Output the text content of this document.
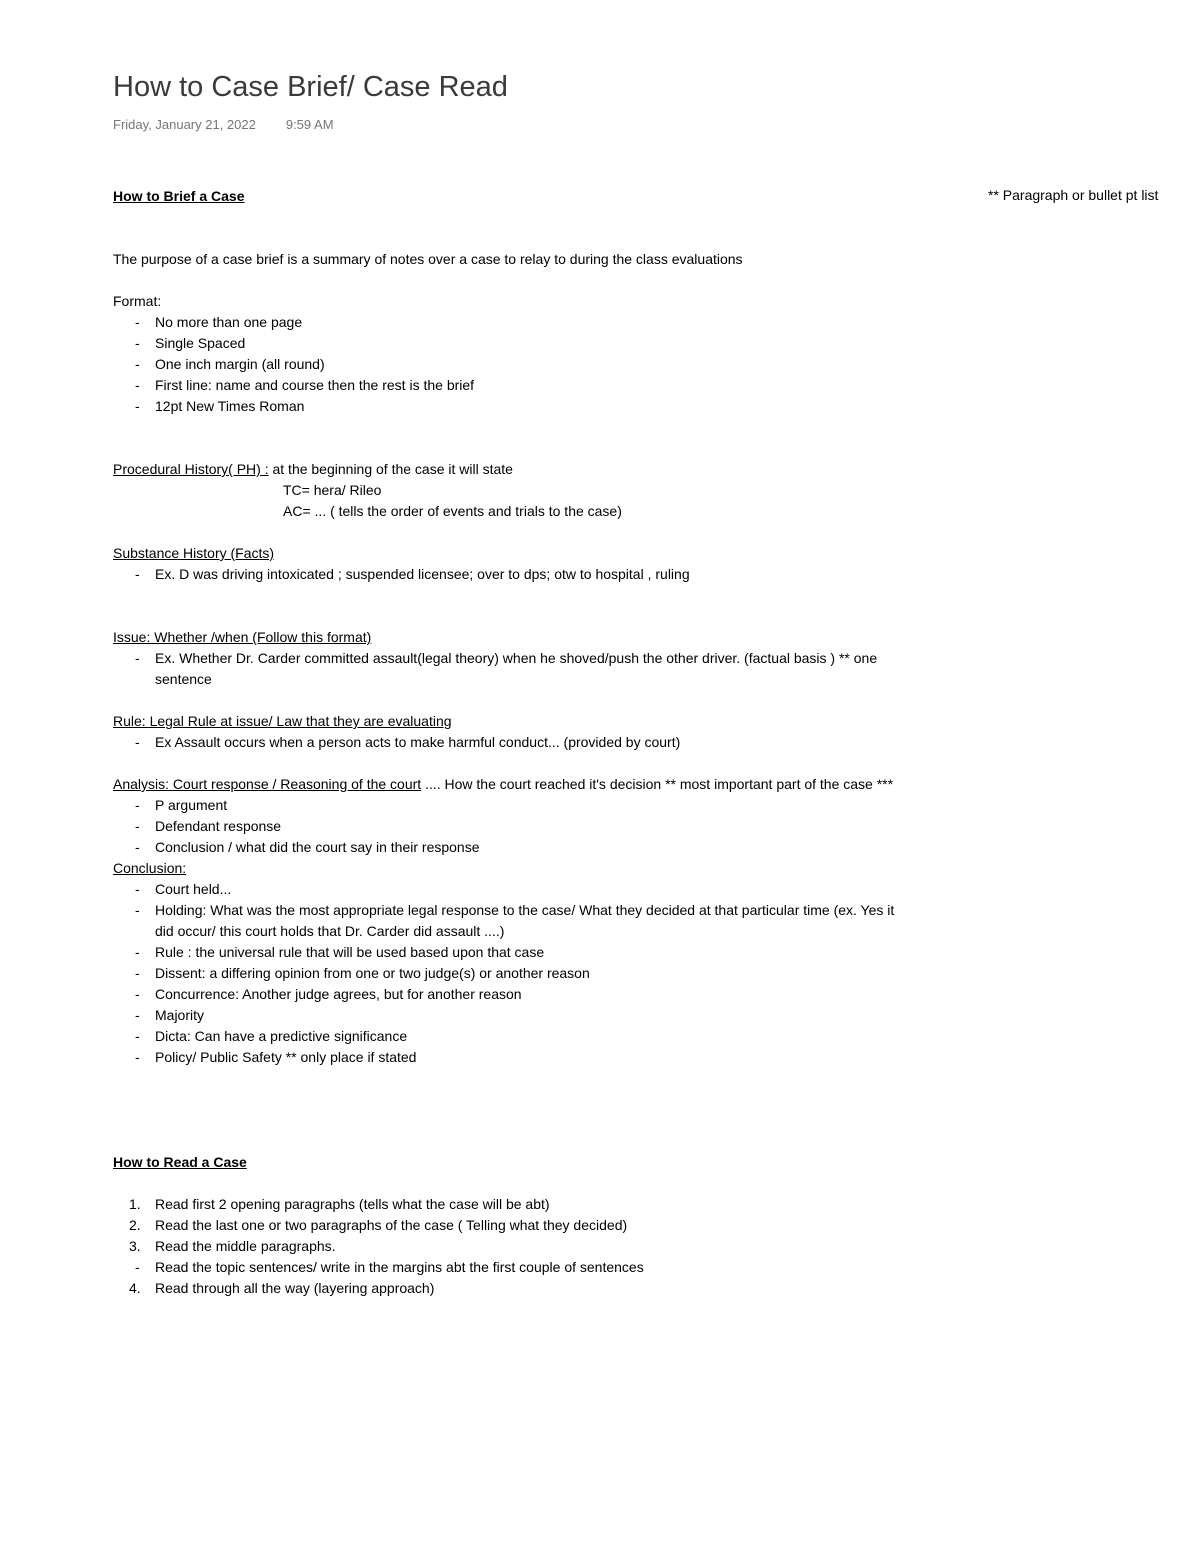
How to Case Brief/ Case Read
Friday, January 21, 2022 9:59 AM
** Paragraph or bullet pt list

How to Brief a Case

The purpose of a case brief is a summary of notes over a case to relay to during the class evaluations

Format:

- No more than one page
- Single Spaced
- One inch margin (all round)
- First line: name and course then the rest is the brief
- 12pt New Times Roman

Procedural History( PH) : at the beginning of the case it will state

TC= hera/ Rileo

AC= ... ( tells the order of events and trials to the case)

Substance History (Facts)

- Ex. D was driving intoxicated ; suspended licensee; over to dps; otw to hospital , ruling

Issue: Whether /when (Follow this format)

- Ex. Whether Dr. Carder committed assault(legal theory) when he shoved/push the other driver. (factual basis ) ** one sentence

Rule: Legal Rule at issue/ Law that they are evaluating

- Ex Assault occurs when a person acts to make harmful conduct... (provided by court)

Analysis: Court response / Reasoning of the court .... How the court reached it's decision ** most important part of the case ***

- P argument
- Defendant response
- Conclusion / what did the court say in their response

Conclusion:

- Court held...
- Holding: What was the most appropriate legal response to the case/ What they decided at that particular time (ex. Yes it did occur/ this court holds that Dr. Carder did assault ....)
- Rule : the universal rule that will be used based upon that case
- Dissent: a differing opinion from one or two judge(s) or another reason
- Concurrence: Another judge agrees, but for another reason
- Majority
- Dicta: Can have a predictive significance
- Policy/ Public Safety ** only place if stated

How to Read a Case

1. Read first 2 opening paragraphs (tells what the case will be abt)
2. Read the last one or two paragraphs of the case ( Telling what they decided)
3. Read the middle paragraphs.
- Read the topic sentences/ write in the margins abt the first couple of sentences
4. Read through all the way (layering approach)
